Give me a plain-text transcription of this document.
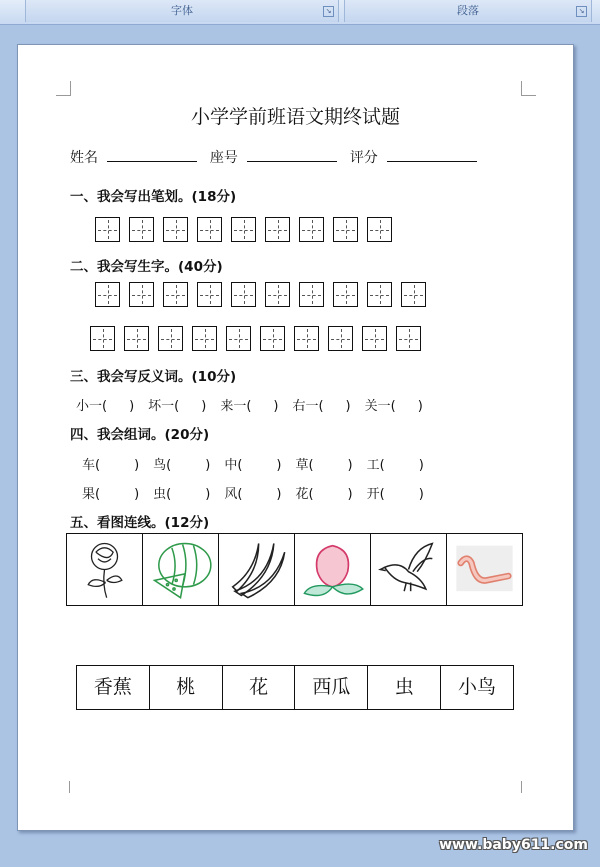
字体	↘	段落	↘
小学学前班语文期终试题
姓名	座号	评分
一、我会写出笔划。(18分)
二、我会写生字。(40分)
三、我会写反义词。(10分)
小一( ) 坏一( ) 来一( ) 右一( ) 关一( )
四、我会组词。(20分)
车(	) 鸟(	) 中(	) 草(	) 工(	)
果(	) 虫(	) 风(	) 花(	) 开(	)
五、看图连线。(12分)
香蕉	桃	花	西瓜	虫	小鸟
www.baby611.com
